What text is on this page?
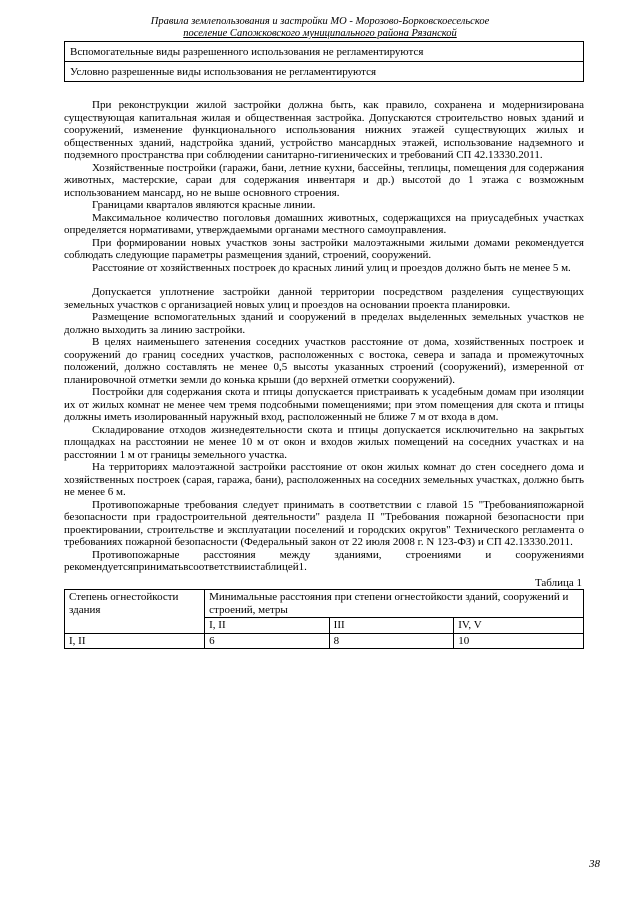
Правила землепользования и застройки МО - Морозово-Борковскоесельское
поселение Сапожковского муниципального района Рязанской
Вспомогательные виды разрешенного использования не регламентируются
Условно разрешенные виды использования не регламентируются

При реконструкции жилой застройки должна быть, как правило, сохранена и модернизирована существующая капитальная жилая и общественная застройка. Допускаются строительство новых зданий и сооружений, изменение функционального использования нижних этажей существующих жилых и общественных зданий, надстройка зданий, устройство мансардных этажей, использование надземного и подземного пространства при соблюдении санитарно-гигиенических и требований СП 42.13330.2011.

Хозяйственные постройки (гаражи, бани, летние кухни, бассейны, теплицы, помещения для содержания животных, мастерские, сараи для содержания инвентаря и др.) высотой до 1 этажа с возможным использованием мансард, но не выше основного строения.

Границами кварталов являются красные линии.

Максимальное количество поголовья домашних животных, содержащихся на приусадебных участках определяется нормативами, утверждаемыми органами местного самоуправления.

При формировании новых участков зоны застройки малоэтажными жилыми домами рекомендуется соблюдать следующие параметры размещения зданий, строений, сооружений.

Расстояние от хозяйственных построек до красных линий улиц и проездов должно быть не менее 5 м.

Допускается уплотнение застройки данной территории посредством разделения существующих земельных участков с организацией новых улиц и проездов на основании проекта планировки.

Размещение вспомогательных зданий и сооружений в пределах выделенных земельных участков не должно выходить за линию застройки.

В целях наименьшего затенения соседних участков расстояние от дома, хозяйственных построек и сооружений до границ соседних участков, расположенных с востока, севера и запада и промежуточных положений, должно составлять не менее 0,5 высоты указанных строений (сооружений), измеренной от планировочной отметки земли до конька крыши (до верхней отметки сооружений).

Постройки для содержания скота и птицы допускается пристраивать к усадебным домам при изоляции их от жилых комнат не менее чем тремя подсобными помещениями; при этом помещения для скота и птицы должны иметь изолированный наружный вход, расположенный не ближе 7 м от входа в дом.

Складирование отходов жизнедеятельности скота и птицы допускается исключительно на закрытых площадках на расстоянии не менее 10 м от окон и входов жилых помещений на соседних участках и на расстоянии 1 м от границы земельного участка.

На территориях малоэтажной застройки расстояние от окон жилых комнат до стен соседнего дома и хозяйственных построек (сарая, гаража, бани), расположенных на соседних земельных участках, должно быть не менее 6 м.

Противопожарные требования следует принимать в соответствии с главой 15 "Требованияпожарной безопасности при градостроительной деятельности" раздела II "Требования пожарной безопасности при проектировании, строительстве и эксплуатации поселений и городских округов" Технического регламента о требованиях пожарной безопасности (Федеральный закон от 22 июля 2008 г. N 123-ФЗ) и СП 42.13330.2011.

Противопожарные расстояния между зданиями, строениями и сооружениями рекомендуетсяприниматьвсоответствиистаблицей1.

Таблица 1
Степень огнестойкости здания	Минимальные расстояния при степени огнестойкости зданий, сооружений и строений, метры		
	I, II	III	IV, V
I, II	6	8	10
38
